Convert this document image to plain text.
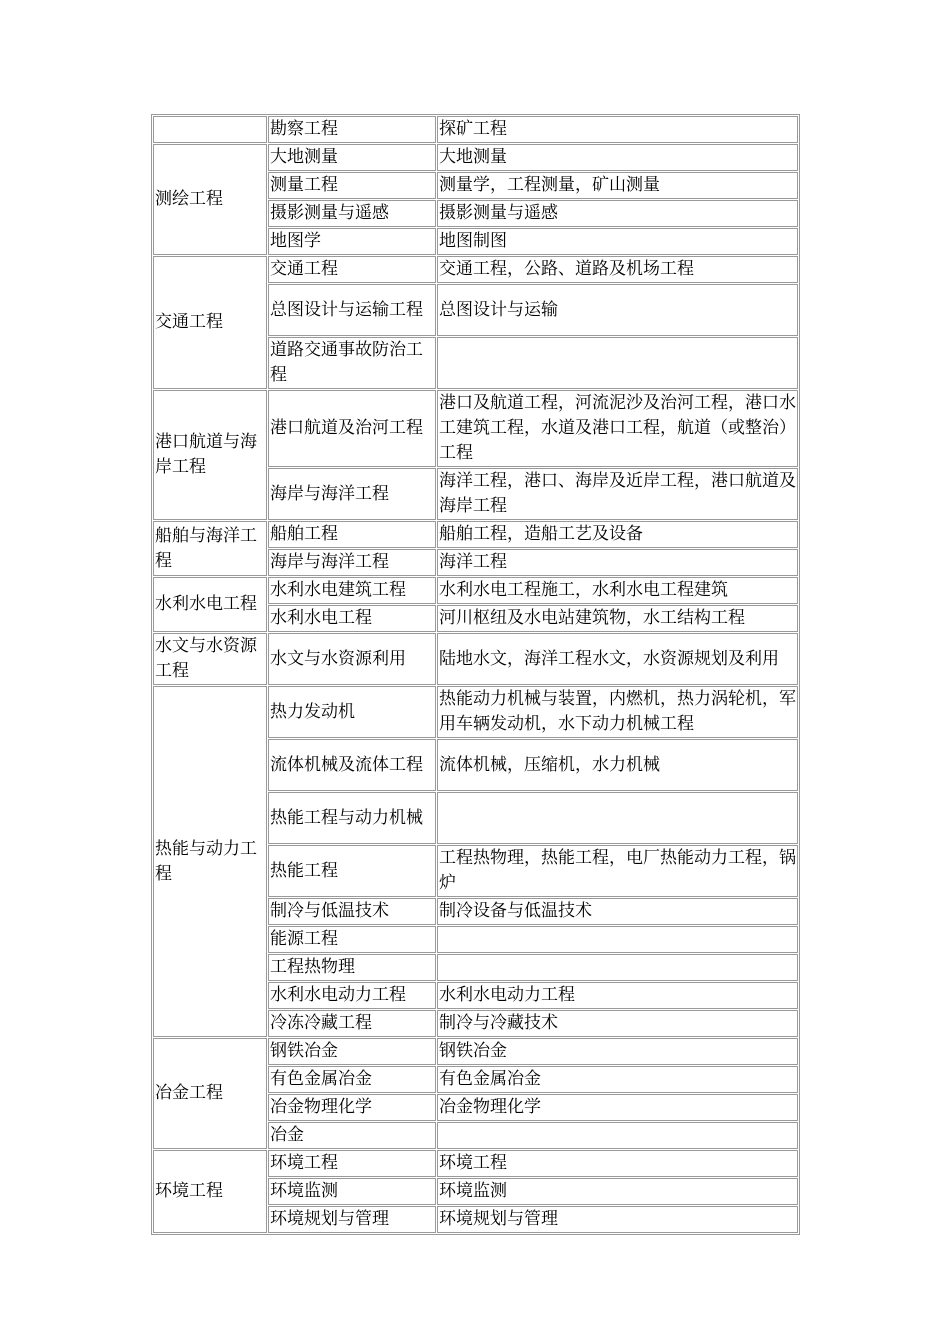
	勘察工程	探矿工程
测绘工程	大地测量	大地测量
	测量工程	测量学，工程测量，矿山测量
	摄影测量与遥感	摄影测量与遥感
	地图学	地图制图
交通工程	交通工程	交通工程，公路、道路及机场工程
	总图设计与运输工程	总图设计与运输
	道路交通事故防治工程	
港口航道与海岸工程	港口航道及治河工程	港口及航道工程，河流泥沙及治河工程，港口水工建筑工程，水道及港口工程，航道（或整治）工程
	海岸与海洋工程	海洋工程，港口、海岸及近岸工程，港口航道及海岸工程
船舶与海洋工程	船舶工程	船舶工程，造船工艺及设备
	海岸与海洋工程	海洋工程
水利水电工程	水利水电建筑工程	水利水电工程施工，水利水电工程建筑
	水利水电工程	河川枢纽及水电站建筑物，水工结构工程
水文与水资源工程	水文与水资源利用	陆地水文，海洋工程水文，水资源规划及利用
热能与动力工程	热力发动机	热能动力机械与装置，内燃机，热力涡轮机，军用车辆发动机，水下动力机械工程
	流体机械及流体工程	流体机械，压缩机，水力机械
	热能工程与动力机械	
	热能工程	工程热物理，热能工程，电厂热能动力工程，锅炉
	制冷与低温技术	制冷设备与低温技术
	能源工程	
	工程热物理	
	水利水电动力工程	水利水电动力工程
	冷冻冷藏工程	制冷与冷藏技术
冶金工程	钢铁冶金	钢铁冶金
	有色金属冶金	有色金属冶金
	冶金物理化学	冶金物理化学
	冶金	
环境工程	环境工程	环境工程
	环境监测	环境监测
	环境规划与管理	环境规划与管理
